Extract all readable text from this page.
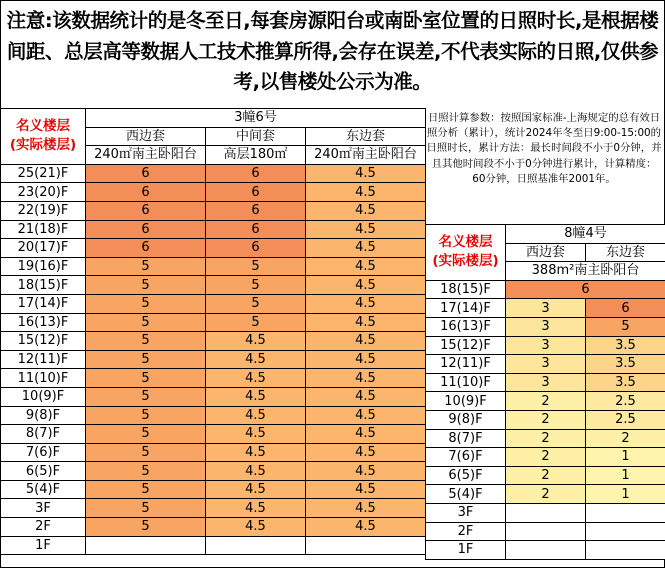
注意:该数据统计的是冬至日,每套房源阳台或南卧室位置的日照时长,是根据楼间距、总层高等数据人工技术推算所得,会存在误差,不代表实际的日照,仅供参考,以售楼处公示为准。
名义楼层
(实际楼层)	3幢6号		
	西边套	中间套	东边套
	240㎡南主卧阳台	高层180㎡	240㎡南主卧阳台
25(21)F	6	6	4.5
23(20)F	6	6	4.5
22(19)F	6	6	4.5
21(18)F	6	6	4.5
20(17)F	6	6	4.5
19(16)F	5	5	4.5
18(15)F	5	5	4.5
17(14)F	5	5	4.5
16(13)F	5	5	4.5
15(12)F	5	4.5	4.5
12(11)F	5	4.5	4.5
11(10)F	5	4.5	4.5
10(9)F	5	4.5	4.5
9(8)F	5	4.5	4.5
8(7)F	5	4.5	4.5
7(6)F	5	4.5	4.5
6(5)F	5	4.5	4.5
5(4)F	5	4.5	4.5
3F	5	4.5	4.5
2F	5	4.5	4.5
1F			
日照计算参数：按照国家标准-上海规定的总有效日照分析（累计），统计2024年冬至日9:00-15:00的日照时长，累计方法：最长时间段不小于0分钟，并且其他时间段不小于0分钟进行累计，计算精度：60分钟，日照基准年2001年。
名义楼层
(实际楼层)	8幢4号	
	西边套	东边套
	388m²南主卧阳台	
18(15)F	6	
17(14)F	3	6
16(13)F	3	5
15(12)F	3	3.5
12(11)F	3	3.5
11(10)F	3	3.5
10(9)F	2	2.5
9(8)F	2	2.5
8(7)F	2	2
7(6)F	2	1
6(5)F	2	1
5(4)F	2	1
3F		
2F		
1F		
